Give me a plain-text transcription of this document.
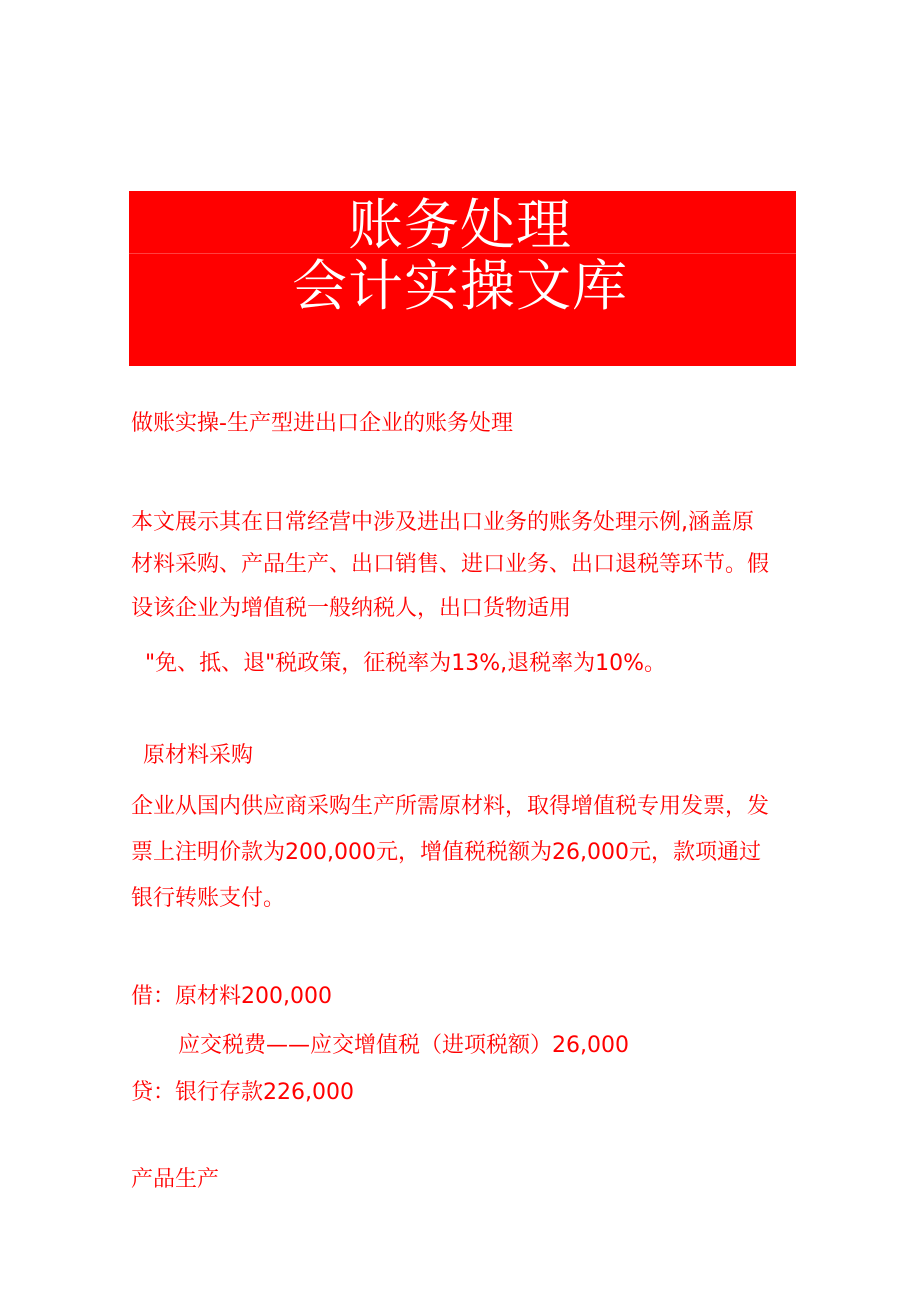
账务处理
会计实操文库
做账实操-生产型进出口企业的账务处理
本文展示其在日常经营中涉及进出口业务的账务处理示例,涵盖原
材料采购、产品生产、出口销售、进口业务、出口退税等环节。假
设该企业为增值税一般纳税人，出口货物适用
"免、抵、退"税政策，征税率为13%,退税率为10%。
原材料采购
企业从国内供应商采购生产所需原材料，取得增值税专用发票，发
票上注明价款为200,000元，增值税税额为26,000元，款项通过
银行转账支付。
借：原材料200,000
应交税费——应交增值税（进项税额）26,000
贷：银行存款226,000
产品生产
